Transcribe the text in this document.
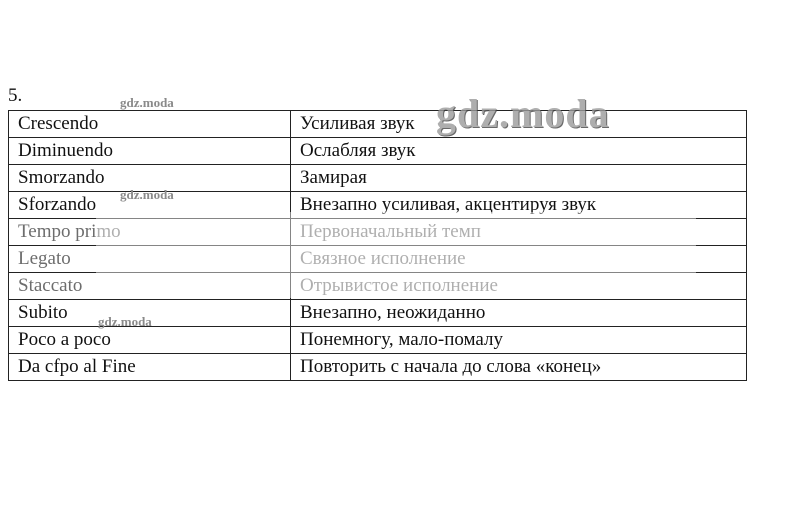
5.
Crescendo	Усиливая звук
Diminuendo	Ослабляя звук
Smorzando	Замирая
Sforzando	Внезапно усиливая, акцентируя звук
Tempo primo	Первоначальный темп
Legato	Связное исполнение
Staccato	Отрывистое исполнение
Subito	Внезапно, неожиданно
Poco a poco	Понемногу, мало-помалу
Da cfpo al Fine	Повторить с начала до слова «конец»
gdz.moda
gdz.moda
gdz.moda
gdz.moda
